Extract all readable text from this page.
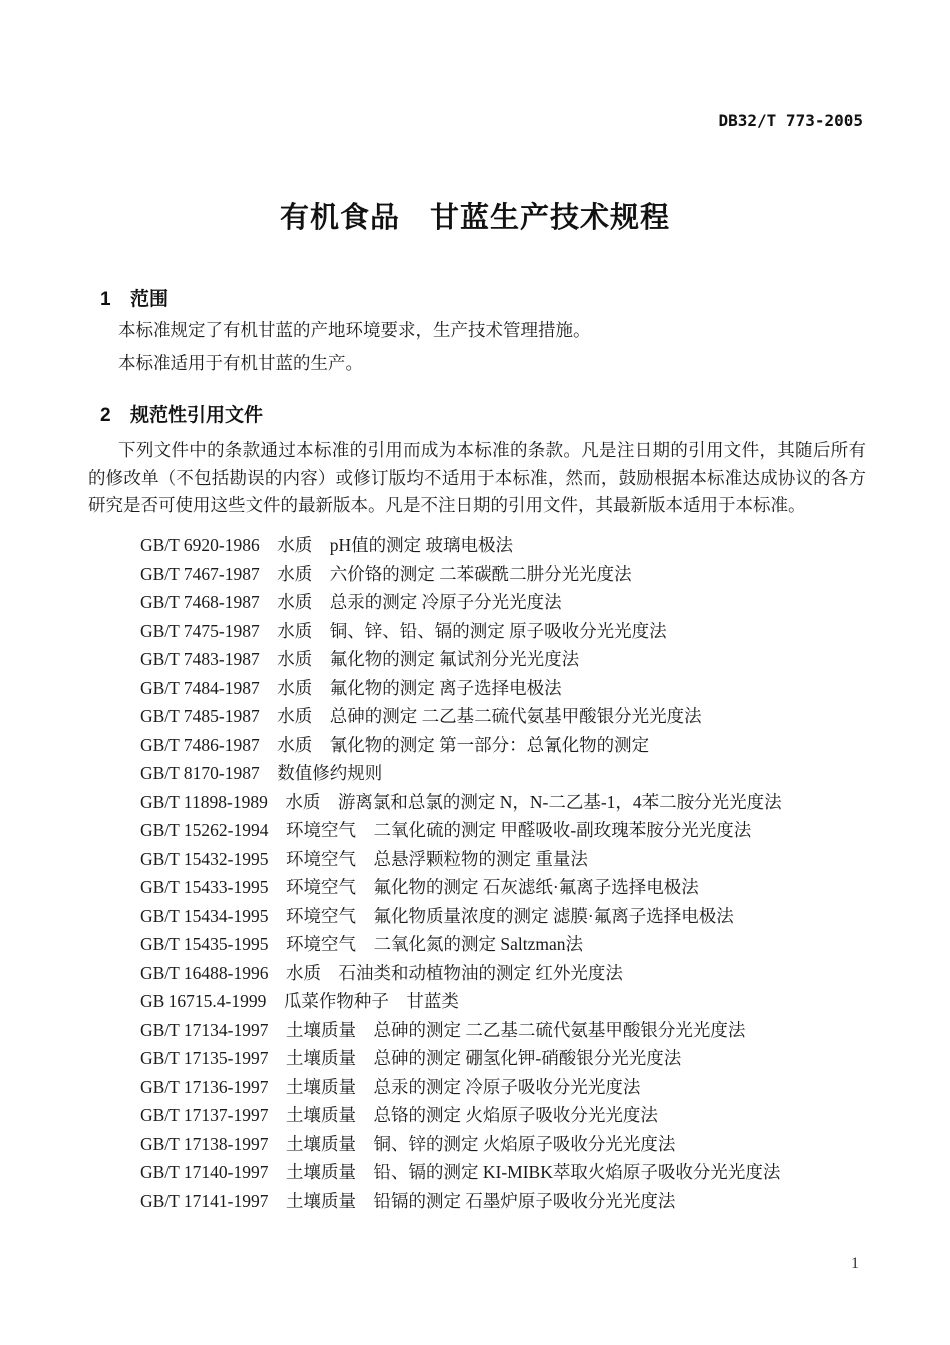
DB32/T 773-2005
有机食品　甘蓝生产技术规程
1 范围

本标准规定了有机甘蓝的产地环境要求，生产技术管理措施。

本标准适用于有机甘蓝的生产。

2 规范性引用文件

下列文件中的条款通过本标准的引用而成为本标准的条款。凡是注日期的引用文件，其随后所有的修改单（不包括勘误的内容）或修订版均不适用于本标准，然而，鼓励根据本标准达成协议的各方研究是否可使用这些文件的最新版本。凡是不注日期的引用文件，其最新版本适用于本标准。

GB/T 6920-1986　水质　pH值的测定 玻璃电极法
GB/T 7467-1987　水质　六价铬的测定 二苯碳酰二肼分光光度法
GB/T 7468-1987　水质　总汞的测定 冷原子分光光度法
GB/T 7475-1987　水质　铜、锌、铅、镉的测定 原子吸收分光光度法
GB/T 7483-1987　水质　氟化物的测定 氟试剂分光光度法
GB/T 7484-1987　水质　氟化物的测定 离子选择电极法
GB/T 7485-1987　水质　总砷的测定 二乙基二硫代氨基甲酸银分光光度法
GB/T 7486-1987　水质　氰化物的测定 第一部分：总氰化物的测定
GB/T 8170-1987　数值修约规则
GB/T 11898-1989　水质　游离氯和总氯的测定 N，N-二乙基-1，4苯二胺分光光度法
GB/T 15262-1994　环境空气　二氧化硫的测定 甲醛吸收-副玫瑰苯胺分光光度法
GB/T 15432-1995　环境空气　总悬浮颗粒物的测定 重量法
GB/T 15433-1995　环境空气　氟化物的测定 石灰滤纸·氟离子选择电极法
GB/T 15434-1995　环境空气　氟化物质量浓度的测定 滤膜·氟离子选择电极法
GB/T 15435-1995　环境空气　二氧化氮的测定 Saltzman法
GB/T 16488-1996　水质　石油类和动植物油的测定 红外光度法
GB 16715.4-1999　瓜菜作物种子　甘蓝类
GB/T 17134-1997　土壤质量　总砷的测定 二乙基二硫代氨基甲酸银分光光度法
GB/T 17135-1997　土壤质量　总砷的测定 硼氢化钾-硝酸银分光光度法
GB/T 17136-1997　土壤质量　总汞的测定 冷原子吸收分光光度法
GB/T 17137-1997　土壤质量　总铬的测定 火焰原子吸收分光光度法
GB/T 17138-1997　土壤质量　铜、锌的测定 火焰原子吸收分光光度法
GB/T 17140-1997　土壤质量　铅、镉的测定 KI-MIBK萃取火焰原子吸收分光光度法
GB/T 17141-1997　土壤质量　铅镉的测定 石墨炉原子吸收分光光度法
1
